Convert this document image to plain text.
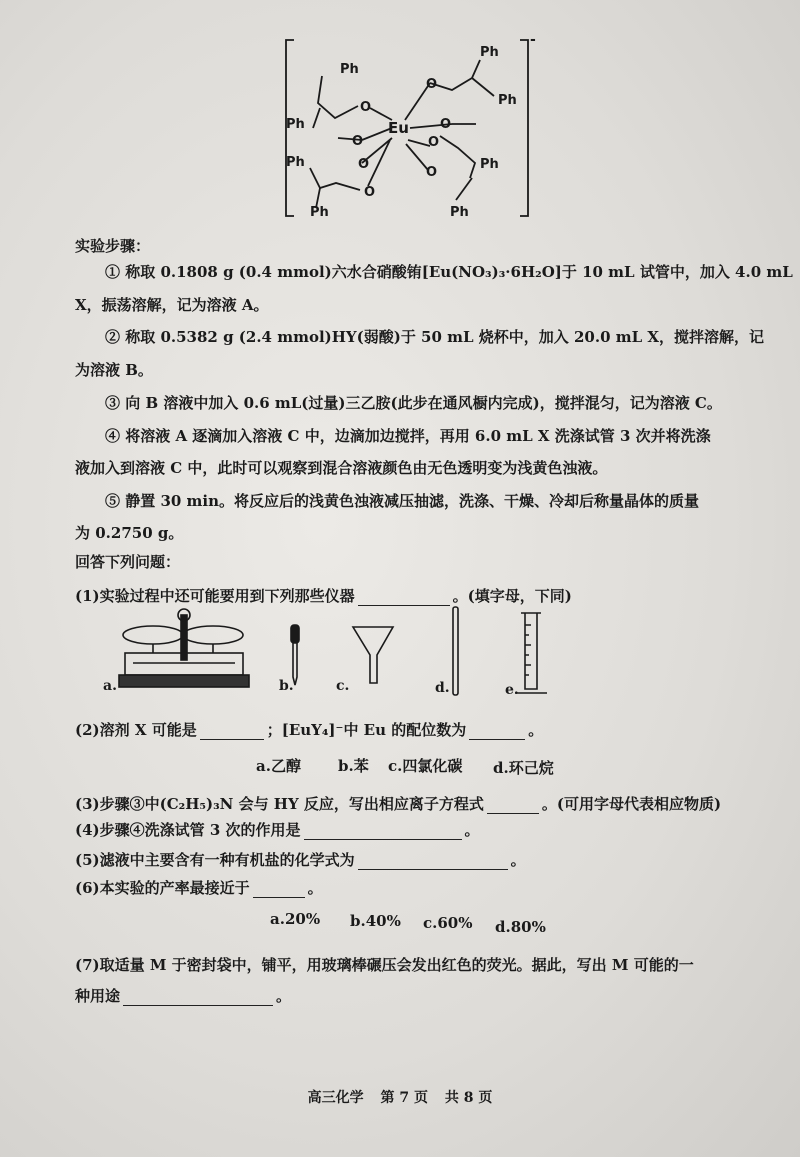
Ph
Ph
O
O
Eu
O
O
Ph
Ph
Ph	O
O
Ph
O
O
Ph
Ph
-
实验步骤：
① 称取 0.1808 g (0.4 mmol)六水合硝酸铕[Eu(NO₃)₃·6H₂O]于 10 mL 试管中，加入 4.0 mL
X，振荡溶解，记为溶液 A。
② 称取 0.5382 g (2.4 mmol)HY(弱酸)于 50 mL 烧杯中，加入 20.0 mL X，搅拌溶解，记
为溶液 B。
③ 向 B 溶液中加入 0.6 mL(过量)三乙胺(此步在通风橱内完成)，搅拌混匀，记为溶液 C。
④ 将溶液 A 逐滴加入溶液 C 中，边滴加边搅拌，再用 6.0 mL X 洗涤试管 3 次并将洗涤
液加入到溶液 C 中，此时可以观察到混合溶液颜色由无色透明变为浅黄色浊液。
⑤ 静置 30 min。将反应后的浅黄色浊液减压抽滤，洗涤、干燥、冷却后称量晶体的质量
为 0.2750 g。
回答下列问题：
(1)实验过程中还可能要用到下列那些仪器	。(填字母，下同)
a.	b.	c.	d.	e.
(2)溶剂 X 可能是	；[EuY₄]⁻中 Eu 的配位数为	。
a.乙醇 b.苯 c.四氯化碳 d.环己烷
(3)步骤③中(C₂H₅)₃N 会与 HY 反应，写出相应离子方程式	。(可用字母代表相应物质)
(4)步骤④洗涤试管 3 次的作用是	。
(5)滤液中主要含有一种有机盐的化学式为	。
(6)本实验的产率最接近于	。
a.20% b.40% c.60% d.80%
(7)取适量 M 于密封袋中，铺平，用玻璃棒碾压会发出红色的荧光。据此，写出 M 可能的一
种用途	。
高三化学 第 7 页 共 8 页
